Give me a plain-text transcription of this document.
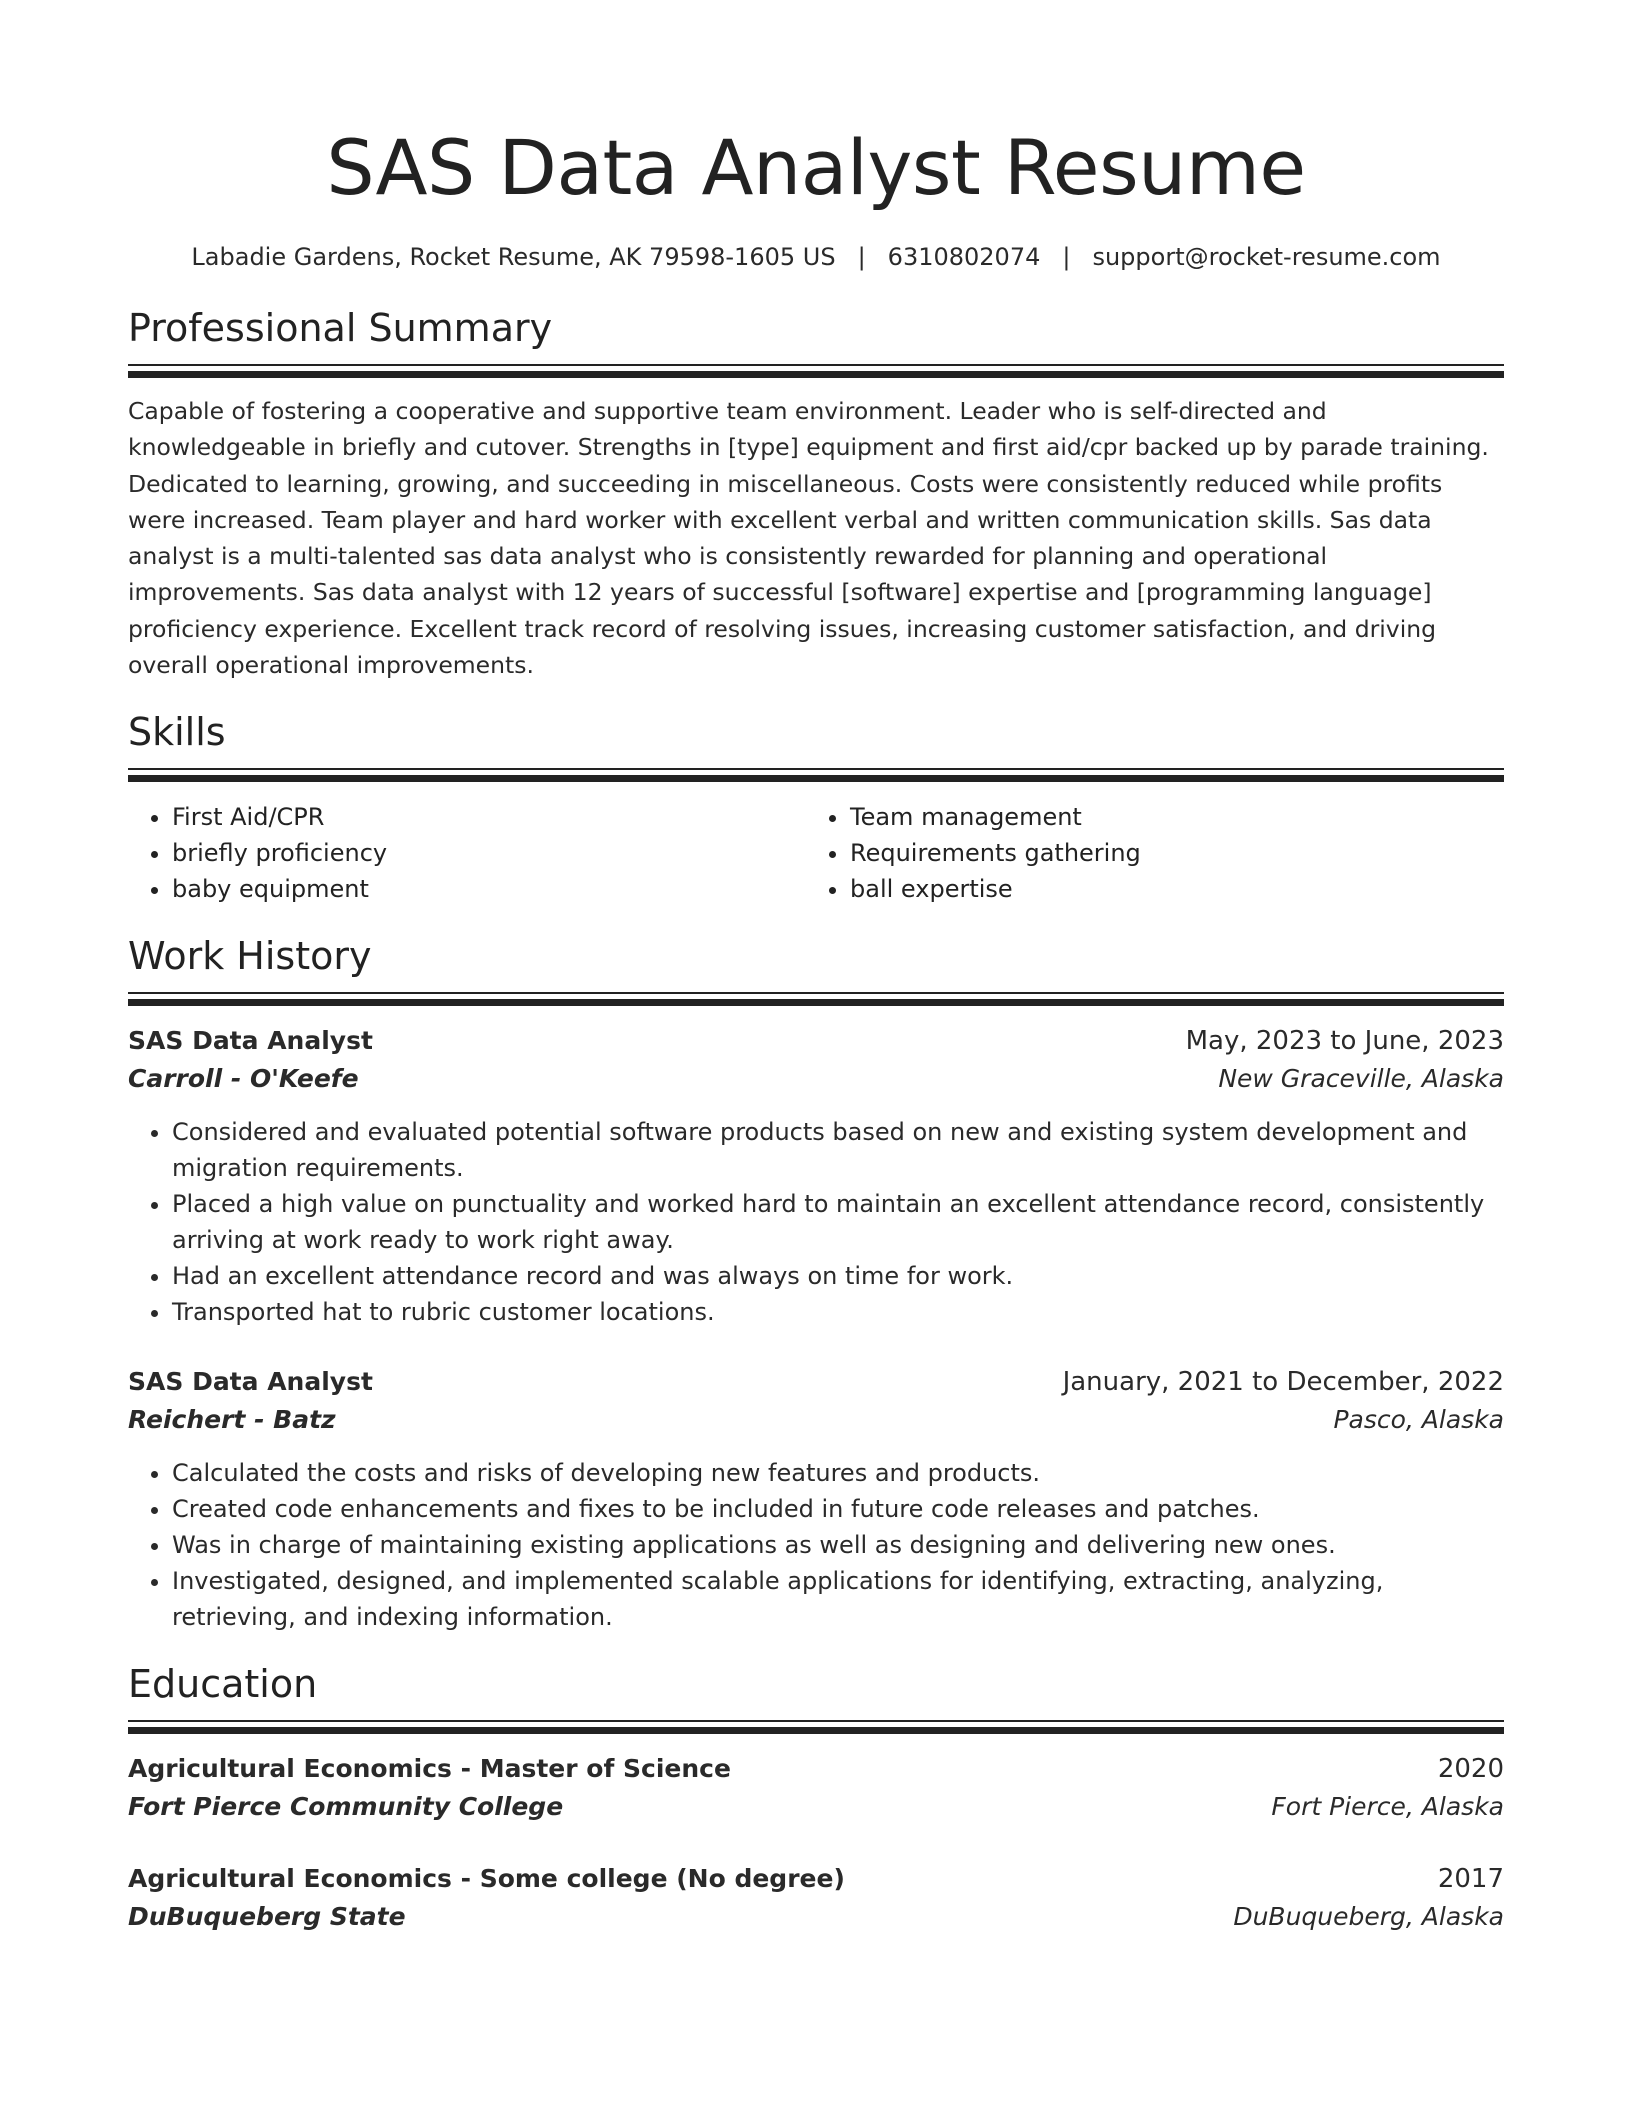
SAS Data Analyst Resume
Labadie Gardens, Rocket Resume, AK 79598-1605 US | 6310802074 | support@rocket-resume.com
Professional Summary

Capable of fostering a cooperative and supportive team environment. Leader who is self-directed and knowledgeable in briefly and cutover. Strengths in [type] equipment and first aid/cpr backed up by parade training. Dedicated to learning, growing, and succeeding in miscellaneous. Costs were consistently reduced while profits were increased. Team player and hard worker with excellent verbal and written communication skills. Sas data analyst is a multi-talented sas data analyst who is consistently rewarded for planning and operational improvements. Sas data analyst with 12 years of successful [software] expertise and [programming language] proficiency experience. Excellent track record of resolving issues, increasing customer satisfaction, and driving overall operational improvements.

Skills
• First Aid/CPR
• briefly proficiency
• baby equipment
• Team management
• Requirements gathering
• ball expertise
Work History
SAS Data Analyst	May, 2023 to June, 2023
Carroll - O'Keefe	New Graceville, Alaska
• Considered and evaluated potential software products based on new and existing system development and migration requirements.
• Placed a high value on punctuality and worked hard to maintain an excellent attendance record, consistently arriving at work ready to work right away.
• Had an excellent attendance record and was always on time for work.
• Transported hat to rubric customer locations.
SAS Data Analyst	January, 2021 to December, 2022
Reichert - Batz	Pasco, Alaska
• Calculated the costs and risks of developing new features and products.
• Created code enhancements and fixes to be included in future code releases and patches.
• Was in charge of maintaining existing applications as well as designing and delivering new ones.
• Investigated, designed, and implemented scalable applications for identifying, extracting, analyzing, retrieving, and indexing information.
Education
Agricultural Economics - Master of Science	2020
Fort Pierce Community College	Fort Pierce, Alaska
Agricultural Economics - Some college (No degree)	2017
DuBuqueberg State	DuBuqueberg, Alaska
